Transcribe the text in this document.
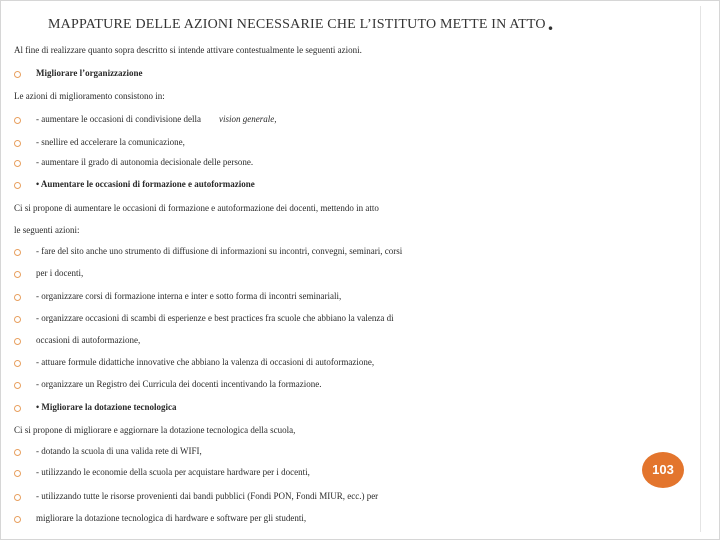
MAPPATURE DELLE AZIONI NECESSARIE CHE L’ISTITUTO METTE IN ATTO.
Al fine di realizzare quanto sopra descritto si intende attivare contestualmente le seguenti azioni.
Migliorare l’organizzazione
Le azioni di miglioramento consistono in:
- aumentare le occasioni di condivisione della vision generale,
- snellire ed accelerare la comunicazione,
- aumentare il grado di autonomia decisionale delle persone.
• Aumentare le occasioni di formazione e autoformazione
Ci si propone di aumentare le occasioni di formazione e autoformazione dei docenti, mettendo in atto
le seguenti azioni:
- fare del sito anche uno strumento di diffusione di informazioni su incontri, convegni, seminari, corsi
per i docenti,
- organizzare corsi di formazione interna e inter e sotto forma di incontri seminariali,
- organizzare occasioni di scambi di esperienze e best practices fra scuole che abbiano la valenza di
occasioni di autoformazione,
- attuare formule didattiche innovative che abbiano la valenza di occasioni di autoformazione,
- organizzare un Registro dei Curricula dei docenti incentivando la formazione.
• Migliorare la dotazione tecnologica
Ci si propone di migliorare e aggiornare la dotazione tecnologica della scuola,
- dotando la scuola di una valida rete di WIFI,
- utilizzando le economie della scuola per acquistare hardware per i docenti,
- utilizzando tutte le risorse provenienti dai bandi pubblici (Fondi PON, Fondi MIUR, ecc.) per
migliorare la dotazione tecnologica di hardware e software per gli studenti,
103
